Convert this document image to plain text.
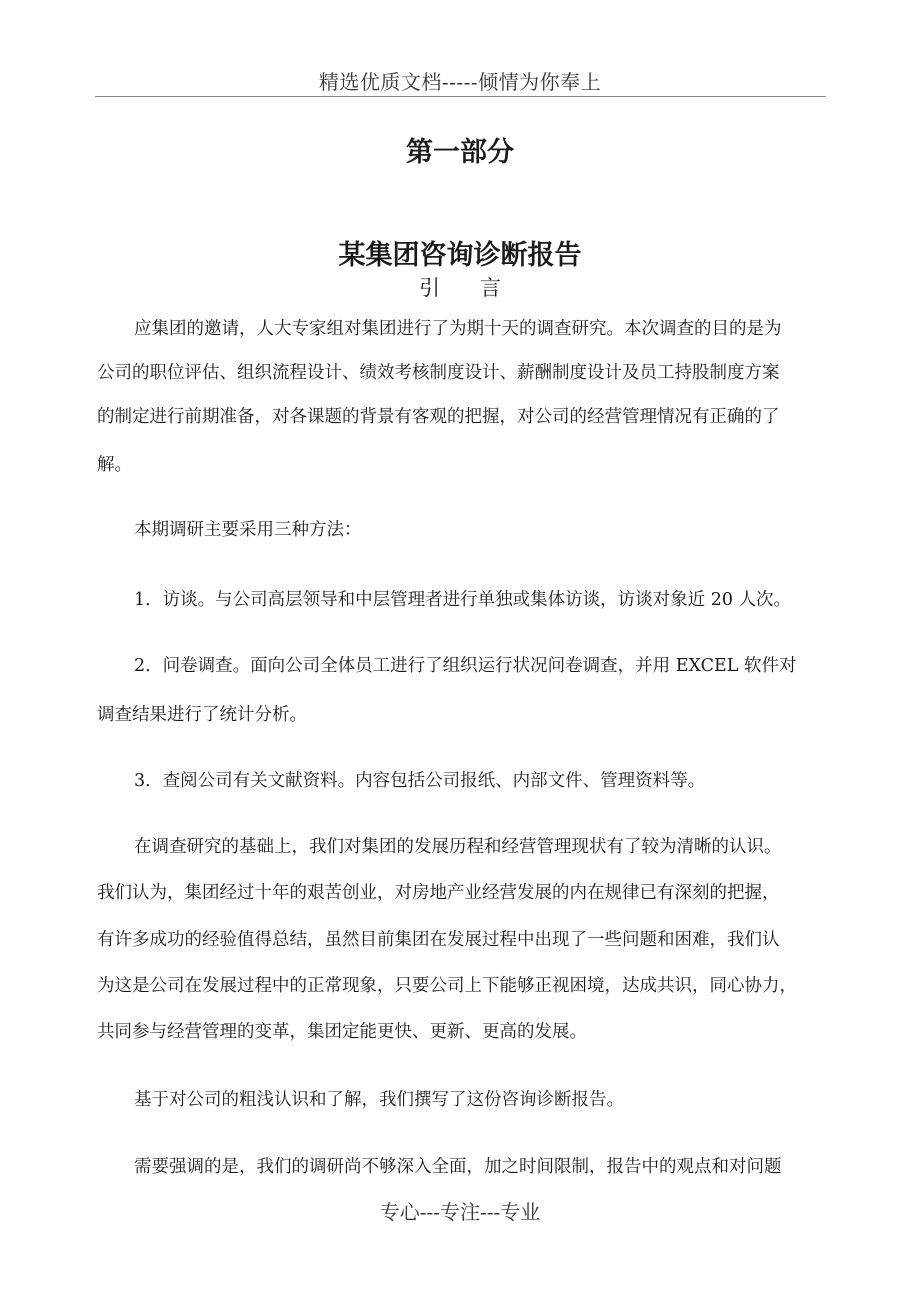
精选优质文档-----倾情为你奉上
第一部分
某集团咨询诊断报告
引言
应集团的邀请，人大专家组对集团进行了为期十天的调查研究。本次调查的目的是为
公司的职位评估、组织流程设计、绩效考核制度设计、薪酬制度设计及员工持股制度方案
的制定进行前期准备，对各课题的背景有客观的把握，对公司的经营管理情况有正确的了
解。
本期调研主要采用三种方法：
1．访谈。与公司高层领导和中层管理者进行单独或集体访谈，访谈对象近 20 人次。
2．问卷调查。面向公司全体员工进行了组织运行状况问卷调查，并用 EXCEL 软件对
调查结果进行了统计分析。
3．查阅公司有关文献资料。内容包括公司报纸、内部文件、管理资料等。
在调查研究的基础上，我们对集团的发展历程和经营管理现状有了较为清晰的认识。
我们认为，集团经过十年的艰苦创业，对房地产业经营发展的内在规律已有深刻的把握，
有许多成功的经验值得总结，虽然目前集团在发展过程中出现了一些问题和困难，我们认
为这是公司在发展过程中的正常现象，只要公司上下能够正视困境，达成共识，同心协力，
共同参与经营管理的变革，集团定能更快、更新、更高的发展。
基于对公司的粗浅认识和了解，我们撰写了这份咨询诊断报告。
需要强调的是，我们的调研尚不够深入全面，加之时间限制，报告中的观点和对问题
专心---专注---专业
